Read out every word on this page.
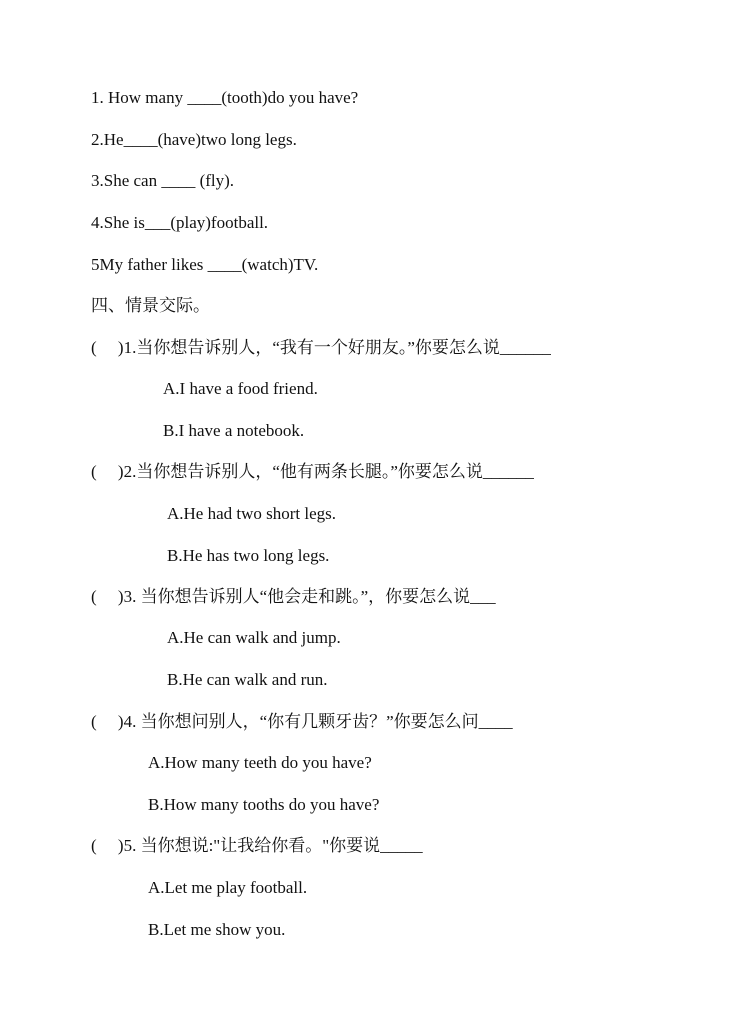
1. How many ____(tooth)do you have?
2.He____(have)two long legs.
3.She can ____ (fly).
4.She is___(play)football.
5My father likes ____(watch)TV.
四、情景交际。
(     )1.当你想告诉别人，“我有一个好朋友。”你要怎么说______
A.I have a food friend.
B.I have a notebook.
(     )2.当你想告诉别人，“他有两条长腿。”你要怎么说______
A.He had two short legs.
B.He has two long legs.
(     )3. 当你想告诉别人“他会走和跳。”，你要怎么说___
A.He can walk and jump.
B.He can walk and run.
(     )4. 当你想问别人，“你有几颗牙齿？”你要怎么问____
A.How many teeth do you have?
B.How many tooths do you have?
(     )5. 当你想说:"让我给你看。"你要说_____
A.Let me play football.
B.Let me show you.
